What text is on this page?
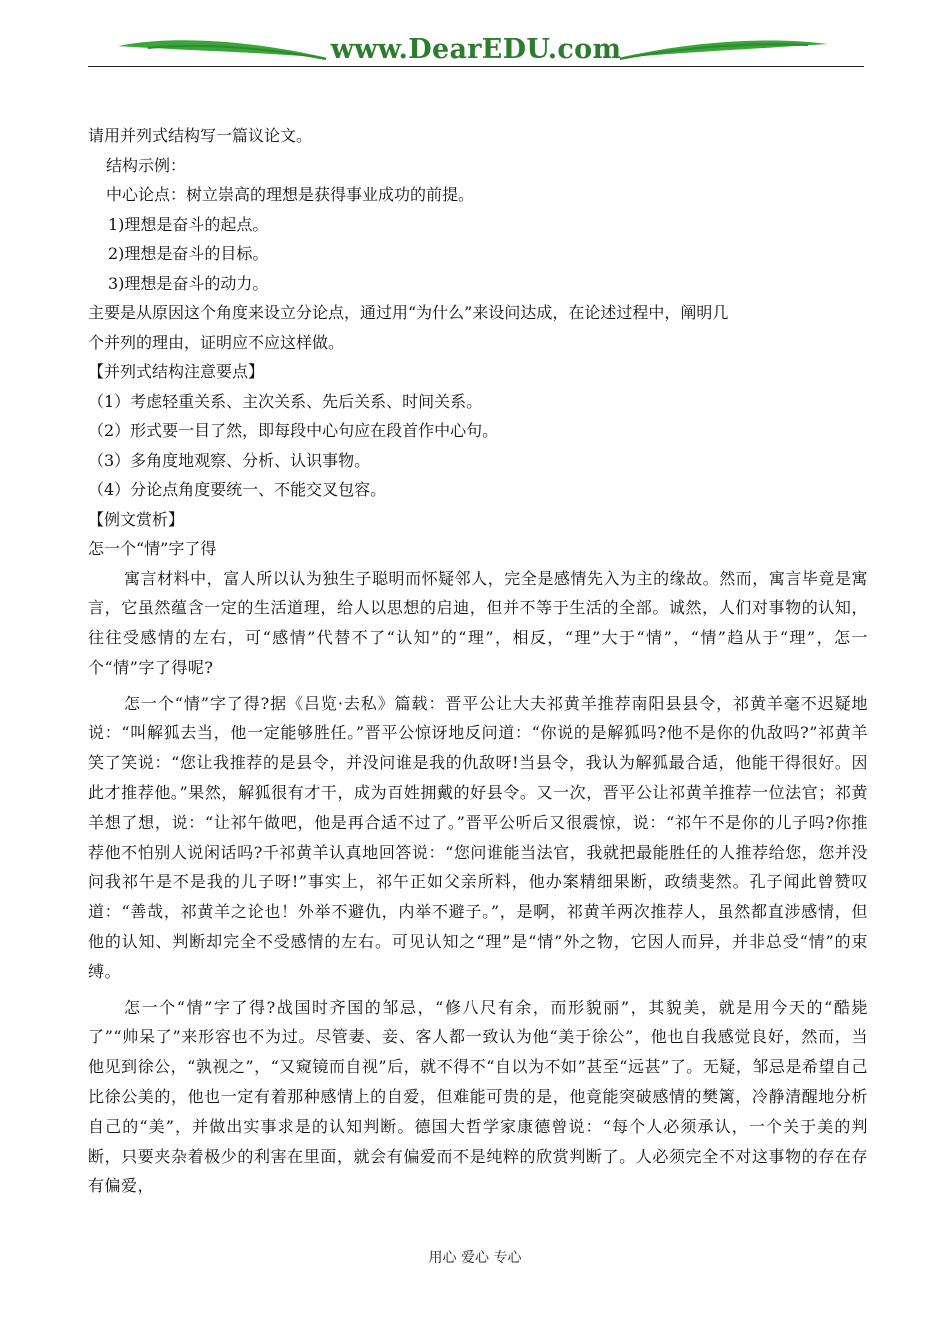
www.DearEDU.com

请用并列式结构写一篇议论文。

结构示例：

中心论点：树立崇高的理想是获得事业成功的前提。

1)理想是奋斗的起点。

2)理想是奋斗的目标。

3)理想是奋斗的动力。

主要是从原因这个角度来设立分论点，通过用“为什么”来设问达成，在论述过程中，阐明几

个并列的理由，证明应不应这样做。

【并列式结构注意要点】

（1）考虑轻重关系、主次关系、先后关系、时间关系。

（2）形式要一目了然，即每段中心句应在段首作中心句。

（3）多角度地观察、分析、认识事物。

（4）分论点角度要统一、不能交叉包容。

【例文赏析】

怎一个“情”字了得

寓言材料中，富人所以认为独生子聪明而怀疑邻人，完全是感情先入为主的缘故。然而，寓言毕竟是寓言，它虽然蕴含一定的生活道理，给人以思想的启迪，但并不等于生活的全部。诚然，人们对事物的认知，往往受感情的左右，可“感情”代替不了“认知”的“理”，相反，“理”大于“情”，“情”趋从于“理”，怎一个“情”字了得呢?

怎一个“情”字了得?据《吕览·去私》篇载：晋平公让大夫祁黄羊推荐南阳县县令，祁黄羊毫不迟疑地说：“叫解狐去当，他一定能够胜任。”晋平公惊讶地反问道：“你说的是解狐吗?他不是你的仇敌吗?”祁黄羊笑了笑说：“您让我推荐的是县令，并没问谁是我的仇敌呀!当县令，我认为解狐最合适，他能干得很好。因此才推荐他。”果然，解狐很有才干，成为百姓拥戴的好县令。又一次，晋平公让祁黄羊推荐一位法官；祁黄羊想了想，说：“让祁午做吧，他是再合适不过了。”晋平公听后又很震惊，说：“祁午不是你的儿子吗?你推荐他不怕别人说闲话吗?千祁黄羊认真地回答说：“您问谁能当法官，我就把最能胜任的人推荐给您，您并没问我祁午是不是我的儿子呀!”事实上，祁午正如父亲所料，他办案精细果断，政绩斐然。孔子闻此曾赞叹道：“善哉，祁黄羊之论也！外举不避仇，内举不避子。”，是啊，祁黄羊两次推荐人，虽然都直涉感情，但他的认知、判断却完全不受感情的左右。可见认知之“理”是“情”外之物，它因人而异，并非总受“情”的束缚。

怎一个“情”字了得?战国时齐国的邹忌，“修八尺有余，而形貌丽”，其貌美，就是用今天的“酷毙了”“帅呆了”来形容也不为过。尽管妻、妾、客人都一致认为他“美于徐公”，他也自我感觉良好，然而，当他见到徐公，“孰视之”，“又窥镜而自视”后，就不得不“自以为不如”甚至“远甚”了。无疑，邹忌是希望自己比徐公美的，他也一定有着那种感情上的自爱，但难能可贵的是，他竟能突破感情的樊篱，冷静清醒地分析自己的“美”，并做出实事求是的认知判断。德国大哲学家康德曾说：“每个人必须承认，一个关于美的判断，只要夹杂着极少的利害在里面，就会有偏爱而不是纯粹的欣赏判断了。人必须完全不对这事物的存在存有偏爱，

用心 爱心 专心
